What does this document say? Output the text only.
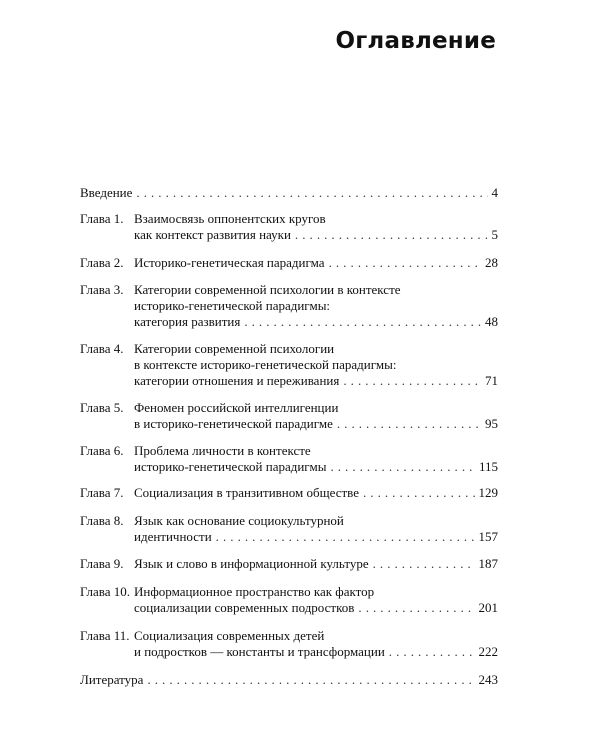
Оглавление
Введение . . .	4
Глава 1. Взаимосвязь оппонентских кругов
как контекст развития науки . . .	5
Глава 2. Историко-генетическая парадигма . . .	28
Глава 3. Категории современной психологии в контексте
историко-генетической парадигмы:
категория развития . . .	48
Глава 4. Категории современной психологии
в контексте историко-генетической парадигмы:
категории отношения и переживания . . .	71
Глава 5. Феномен российской интеллигенции
в историко-генетической парадигме . . .	95
Глава 6. Проблема личности в контексте
историко-генетической парадигмы . . .	115
Глава 7. Социализация в транзитивном обществе . . .	129
Глава 8. Язык как основание социокультурной
идентичности . . .	157
Глава 9. Язык и слово в информационной культуре . . .	187
Глава 10. Информационное пространство как фактор
социализации современных подростков . . .	201
Глава 11. Социализация современных детей
и подростков — константы и трансформации . . .	222
Литература . . .	243
